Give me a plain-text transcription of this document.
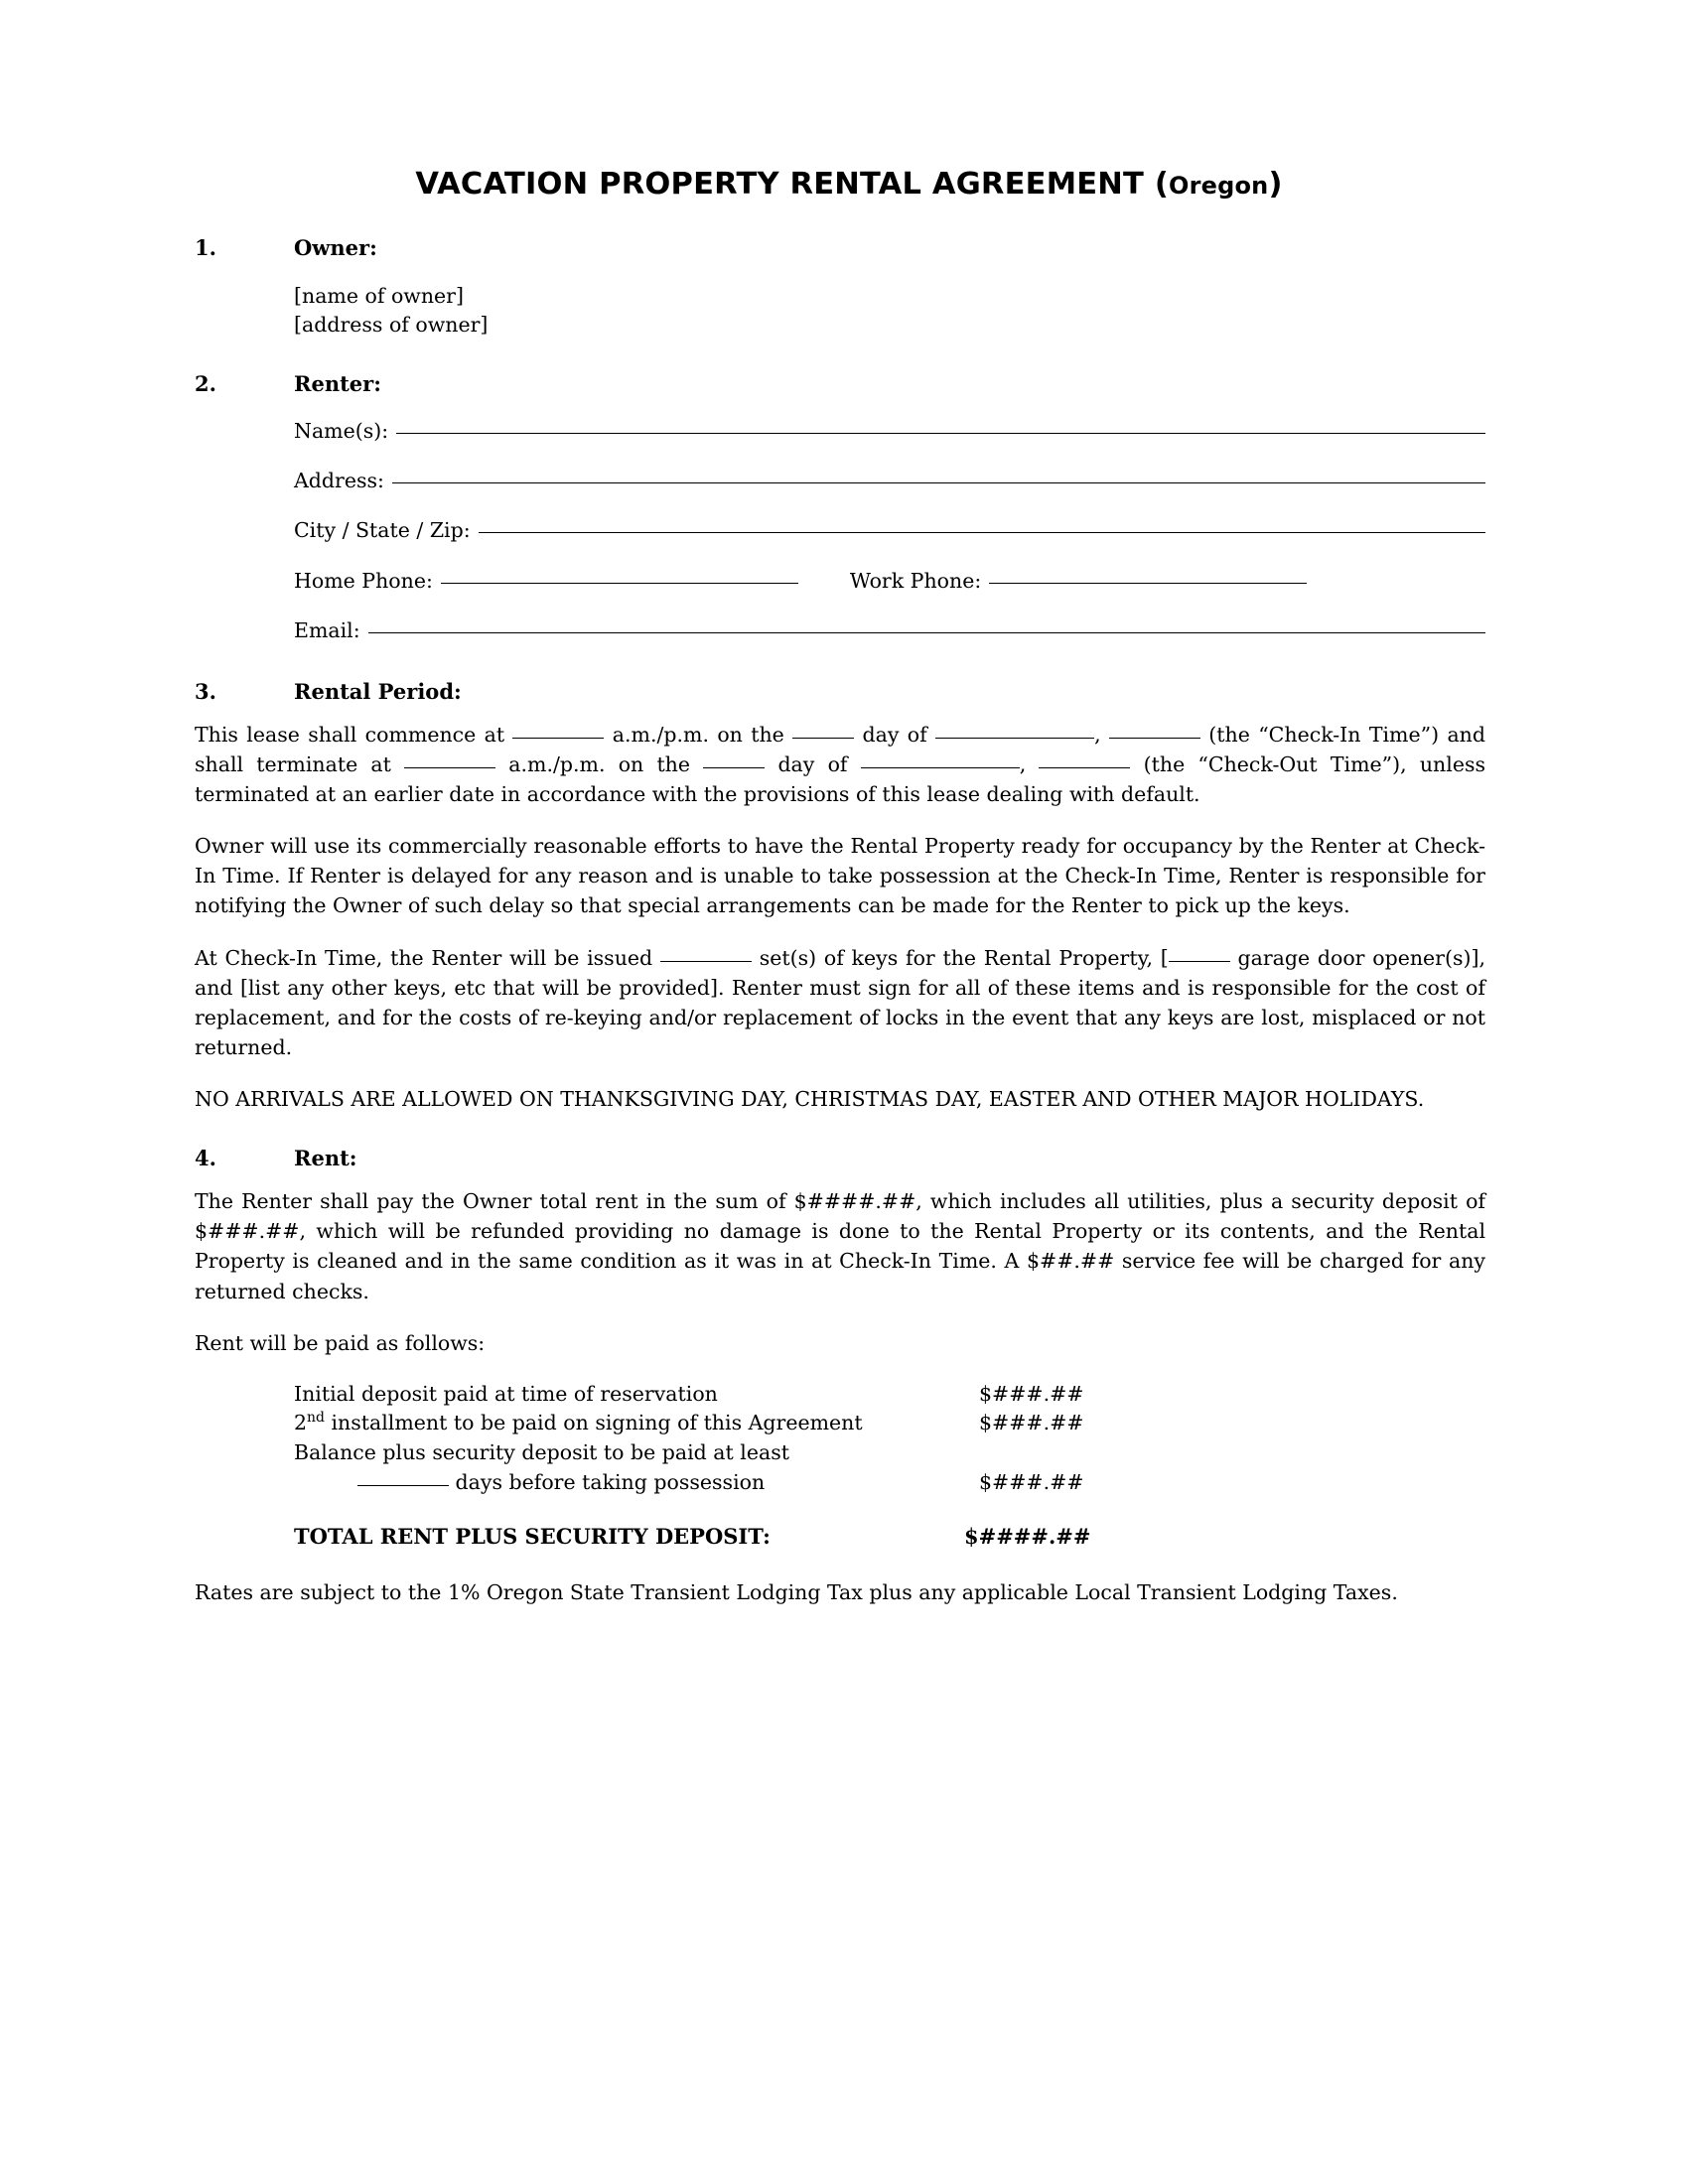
VACATION PROPERTY RENTAL AGREEMENT (Oregon)
1.	Owner:
[name of owner]
[address of owner]
2.	Renter:
Name(s):
Address:
City / State / Zip:
Home Phone:	Work Phone:
Email:
3.	Rental Period:

This lease shall commence at	a.m./p.m. on the	day of	,	(the “Check-In Time”) and shall terminate at	a.m./p.m. on the	day of	,	(the “Check-Out Time”), unless terminated at an earlier date in accordance with the provisions of this lease dealing with default.

Owner will use its commercially reasonable efforts to have the Rental Property ready for occupancy by the Renter at Check-In Time. If Renter is delayed for any reason and is unable to take possession at the Check-In Time, Renter is responsible for notifying the Owner of such delay so that special arrangements can be made for the Renter to pick up the keys.

At Check-In Time, the Renter will be issued	set(s) of keys for the Rental Property, [	garage door opener(s)], and [list any other keys, etc that will be provided]. Renter must sign for all of these items and is responsible for the cost of replacement, and for the costs of re-keying and/or replacement of locks in the event that any keys are lost, misplaced or not returned.

NO ARRIVALS ARE ALLOWED ON THANKSGIVING DAY, CHRISTMAS DAY, EASTER AND OTHER MAJOR HOLIDAYS.

4.	Rent:

The Renter shall pay the Owner total rent in the sum of $####.##, which includes all utilities, plus a security deposit of $###.##, which will be refunded providing no damage is done to the Rental Property or its contents, and the Rental Property is cleaned and in the same condition as it was in at Check-In Time. A $##.## service fee will be charged for any returned checks.

Rent will be paid as follows:

Initial deposit paid at time of reservation	$###.##
2nd installment to be paid on signing of this Agreement	$###.##
Balance plus security deposit to be paid at least
days before taking possession	$###.##
TOTAL RENT PLUS SECURITY DEPOSIT:	$####.##

Rates are subject to the 1% Oregon State Transient Lodging Tax plus any applicable Local Transient Lodging Taxes.
